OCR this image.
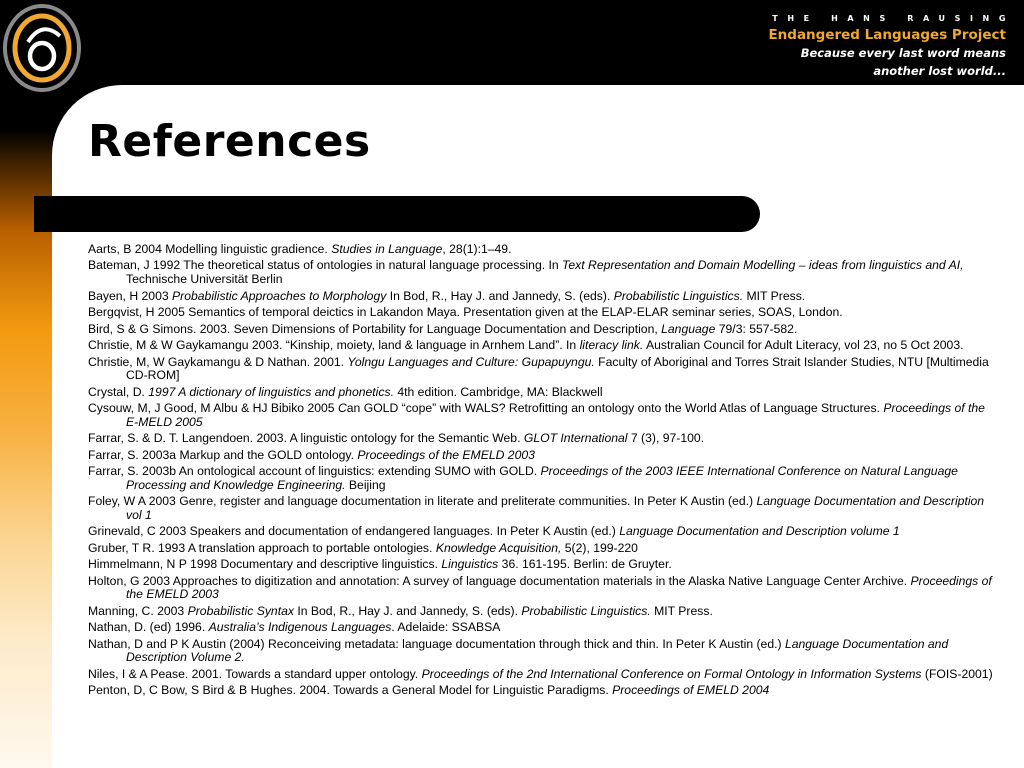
THE HANS RAUSING
Endangered Languages Project
Because every last word means
another lost world...
References
Aarts, B 2004 Modelling linguistic gradience. Studies in Language, 28(1):1–49.
Bateman, J 1992 The theoretical status of ontologies in natural language processing. In Text Representation and Domain Modelling – ideas from linguistics and AI, Technische Universität Berlin
Bayen, H 2003 Probabilistic Approaches to Morphology In Bod, R., Hay J. and Jannedy, S. (eds). Probabilistic Linguistics. MIT Press.
Bergqvist, H 2005 Semantics of temporal deictics in Lakandon Maya. Presentation given at the ELAP-ELAR seminar series, SOAS, London.
Bird, S & G Simons. 2003. Seven Dimensions of Portability for Language Documentation and Description, Language 79/3: 557-582.
Christie, M & W Gaykamangu 2003. “Kinship, moiety, land & language in Arnhem Land”. In literacy link. Australian Council for Adult Literacy, vol 23, no 5 Oct 2003.
Christie, M, W Gaykamangu & D Nathan. 2001. Yolngu Languages and Culture: Gupapuyngu. Faculty of Aboriginal and Torres Strait Islander Studies, NTU [Multimedia CD-ROM]
Crystal, D. 1997 A dictionary of linguistics and phonetics. 4th edition. Cambridge, MA: Blackwell
Cysouw, M, J Good, M Albu & HJ Bibiko 2005 Can GOLD “cope” with WALS? Retrofitting an ontology onto the World Atlas of Language Structures. Proceedings of the E-MELD 2005
Farrar, S. & D. T. Langendoen. 2003. A linguistic ontology for the Semantic Web. GLOT International 7 (3), 97-100.
Farrar, S. 2003a Markup and the GOLD ontology. Proceedings of the EMELD 2003
Farrar, S. 2003b An ontological account of linguistics: extending SUMO with GOLD. Proceedings of the 2003 IEEE International Conference on Natural Language Processing and Knowledge Engineering. Beijing
Foley, W A 2003 Genre, register and language documentation in literate and preliterate communities. In Peter K Austin (ed.) Language Documentation and Description vol 1
Grinevald, C 2003 Speakers and documentation of endangered languages. In Peter K Austin (ed.) Language Documentation and Description volume 1
Gruber, T R. 1993 A translation approach to portable ontologies. Knowledge Acquisition, 5(2), 199-220
Himmelmann, N P 1998 Documentary and descriptive linguistics. Linguistics 36. 161-195. Berlin: de Gruyter.
Holton, G 2003 Approaches to digitization and annotation: A survey of language documentation materials in the Alaska Native Language Center Archive. Proceedings of the EMELD 2003
Manning, C. 2003 Probabilistic Syntax In Bod, R., Hay J. and Jannedy, S. (eds). Probabilistic Linguistics. MIT Press.
Nathan, D. (ed) 1996. Australia’s Indigenous Languages. Adelaide: SSABSA
Nathan, D and P K Austin (2004) Reconceiving metadata: language documentation through thick and thin. In Peter K Austin (ed.) Language Documentation and Description Volume 2.
Niles, I & A Pease. 2001. Towards a standard upper ontology. Proceedings of the 2nd International Conference on Formal Ontology in Information Systems (FOIS-2001)
Penton, D, C Bow, S Bird & B Hughes. 2004. Towards a General Model for Linguistic Paradigms. Proceedings of EMELD 2004
